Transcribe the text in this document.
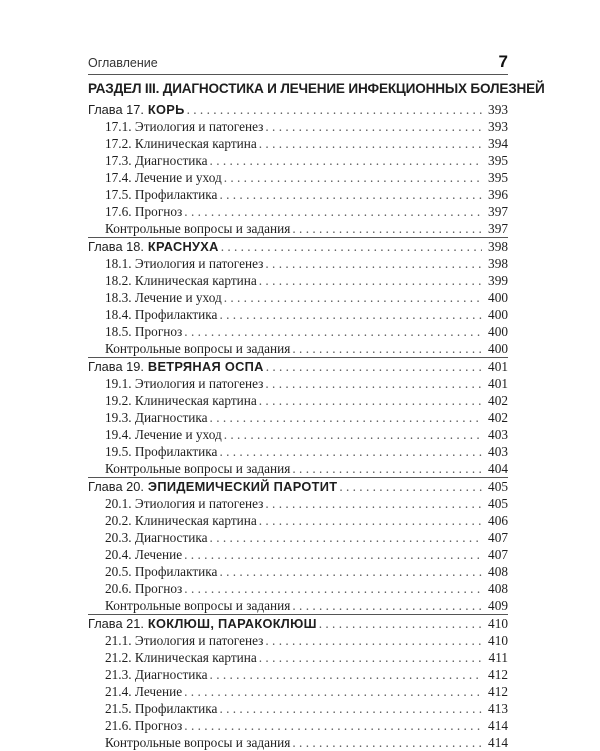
Оглавление	7
РАЗДЕЛ III. ДИАГНОСТИКА И ЛЕЧЕНИЕ ИНФЕКЦИОННЫХ БОЛЕЗНЕЙ
Глава 17. КОРЬ . . .	393
17.1. Этиология и патогенез . . .	393
17.2. Клиническая картина . . .	394
17.3. Диагностика . . .	395
17.4. Лечение и уход . . .	395
17.5. Профилактика . . .	396
17.6. Прогноз . . .	397
Контрольные вопросы и задания . . .	397
Глава 18. КРАСНУХА . . .	398
18.1. Этиология и патогенез . . .	398
18.2. Клиническая картина . . .	399
18.3. Лечение и уход . . .	400
18.4. Профилактика . . .	400
18.5. Прогноз . . .	400
Контрольные вопросы и задания . . .	400
Глава 19. ВЕТРЯНАЯ ОСПА . . .	401
19.1. Этиология и патогенез . . .	401
19.2. Клиническая картина . . .	402
19.3. Диагностика . . .	402
19.4. Лечение и уход . . .	403
19.5. Профилактика . . .	403
Контрольные вопросы и задания . . .	404
Глава 20. ЭПИДЕМИЧЕСКИЙ ПАРОТИТ . . .	405
20.1. Этиология и патогенез . . .	405
20.2. Клиническая картина . . .	406
20.3. Диагностика . . .	407
20.4. Лечение . . .	407
20.5. Профилактика . . .	408
20.6. Прогноз . . .	408
Контрольные вопросы и задания . . .	409
Глава 21. КОКЛЮШ, ПАРАКОКЛЮШ . . .	410
21.1. Этиология и патогенез . . .	410
21.2. Клиническая картина . . .	411
21.3. Диагностика . . .	412
21.4. Лечение . . .	412
21.5. Профилактика . . .	413
21.6. Прогноз . . .	414
Контрольные вопросы и задания . . .	414
